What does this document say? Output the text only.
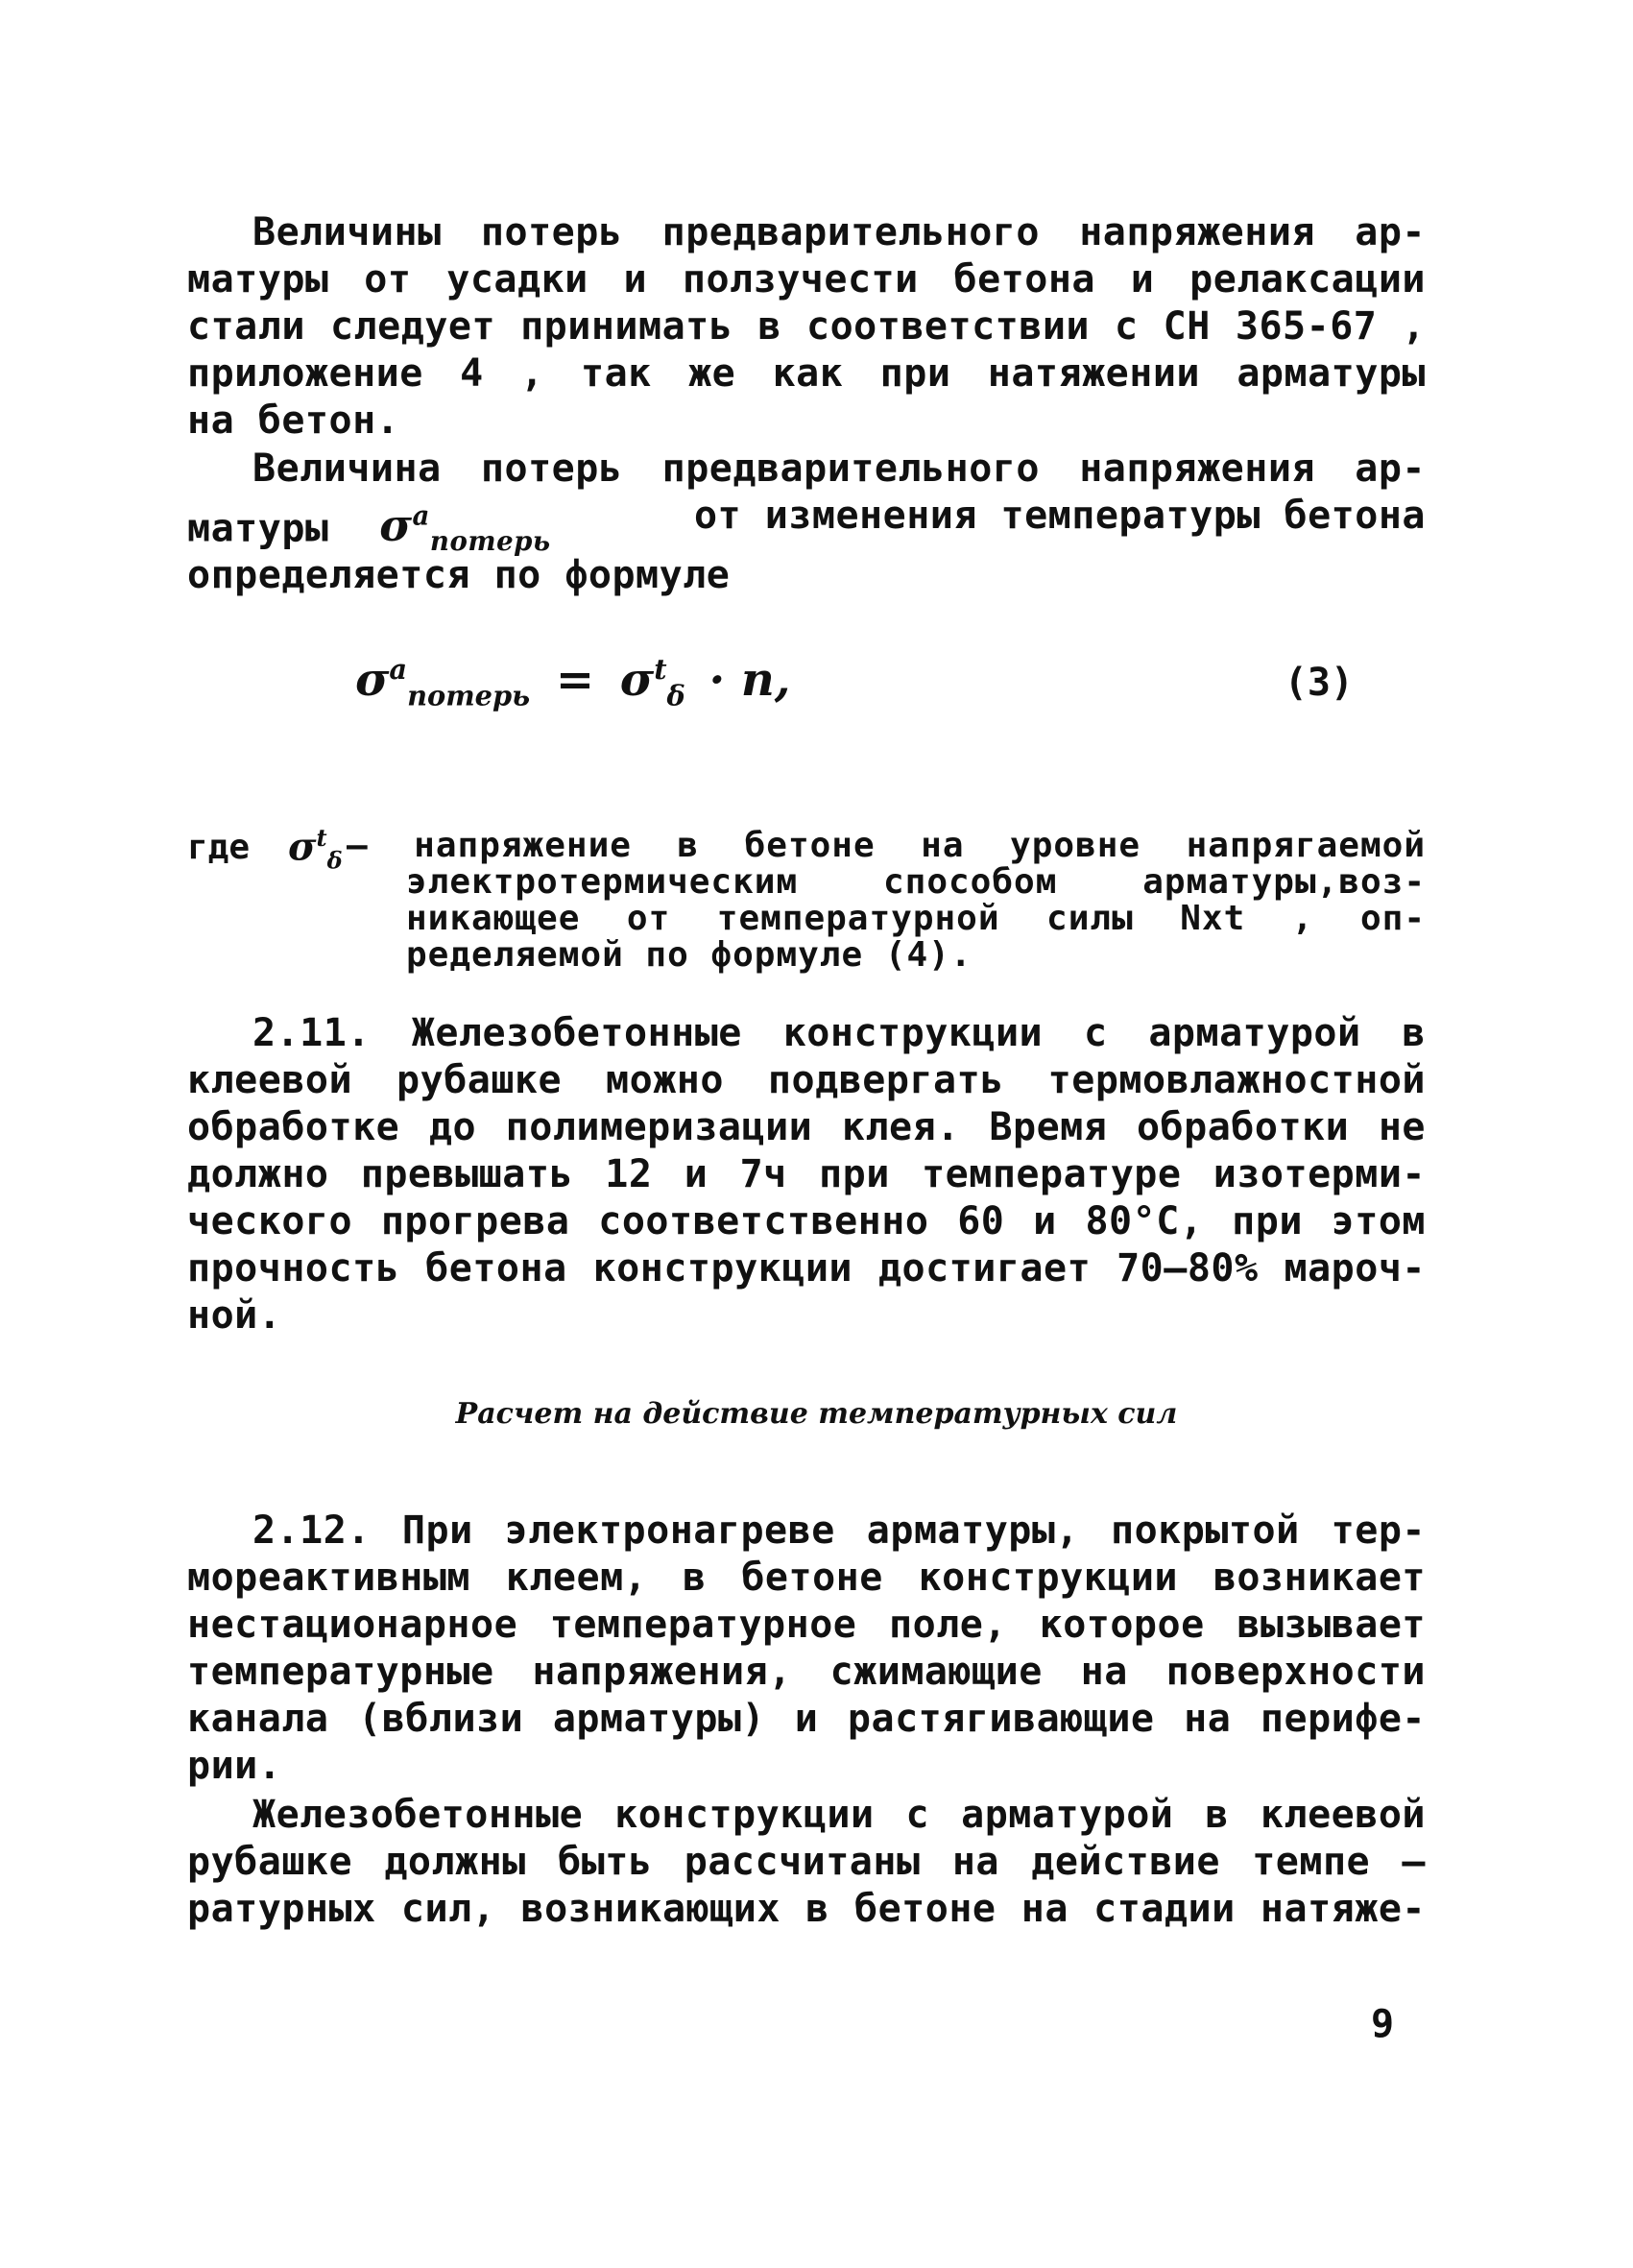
Величины потерь предварительного напряжения ар-
матуры от усадки и ползучести бетона и релаксации
стали следует принимать в соответствии с СН 365-67 ,
приложение 4 , так же как при натяжении арматуры
на бетон.
Величина потерь предварительного напряжения ар-
матуры $\sigma^а_{потерь}$
от изменения температуры бетона
определяется по формуле
$\sigma^а_{потерь} = \sigma^t_\delta \cdot n$,	(3)
где $\sigma^t_\delta$ – напряжение в бетоне на уровне напрягаемой
электротермическим способом арматуры,воз-
никающее от температурной силы Nxt , оп-
ределяемой по формуле (4).
2.11. Железобетонные конструкции с арматурой в
клеевой рубашке можно подвергать термовлажностной
обработке до полимеризации клея. Время обработки не
должно превышать 12 и 7ч при температуре изотерми-
ческого прогрева соответственно 60 и 80°С, при этом
прочность бетона конструкции достигает 70–80% мароч-
ной.
Расчет на действие температурных сил
2.12. При электронагреве арматуры, покрытой тер-
мореактивным клеем, в бетоне конструкции возникает
нестационарное температурное поле, которое вызывает
температурные напряжения, сжимающие на поверхности
канала (вблизи арматуры) и растягивающие на перифе-
рии.
Железобетонные конструкции с арматурой в клеевой
рубашке должны быть рассчитаны на действие темпе –
ратурных сил, возникающих в бетоне на стадии натяже-
9
